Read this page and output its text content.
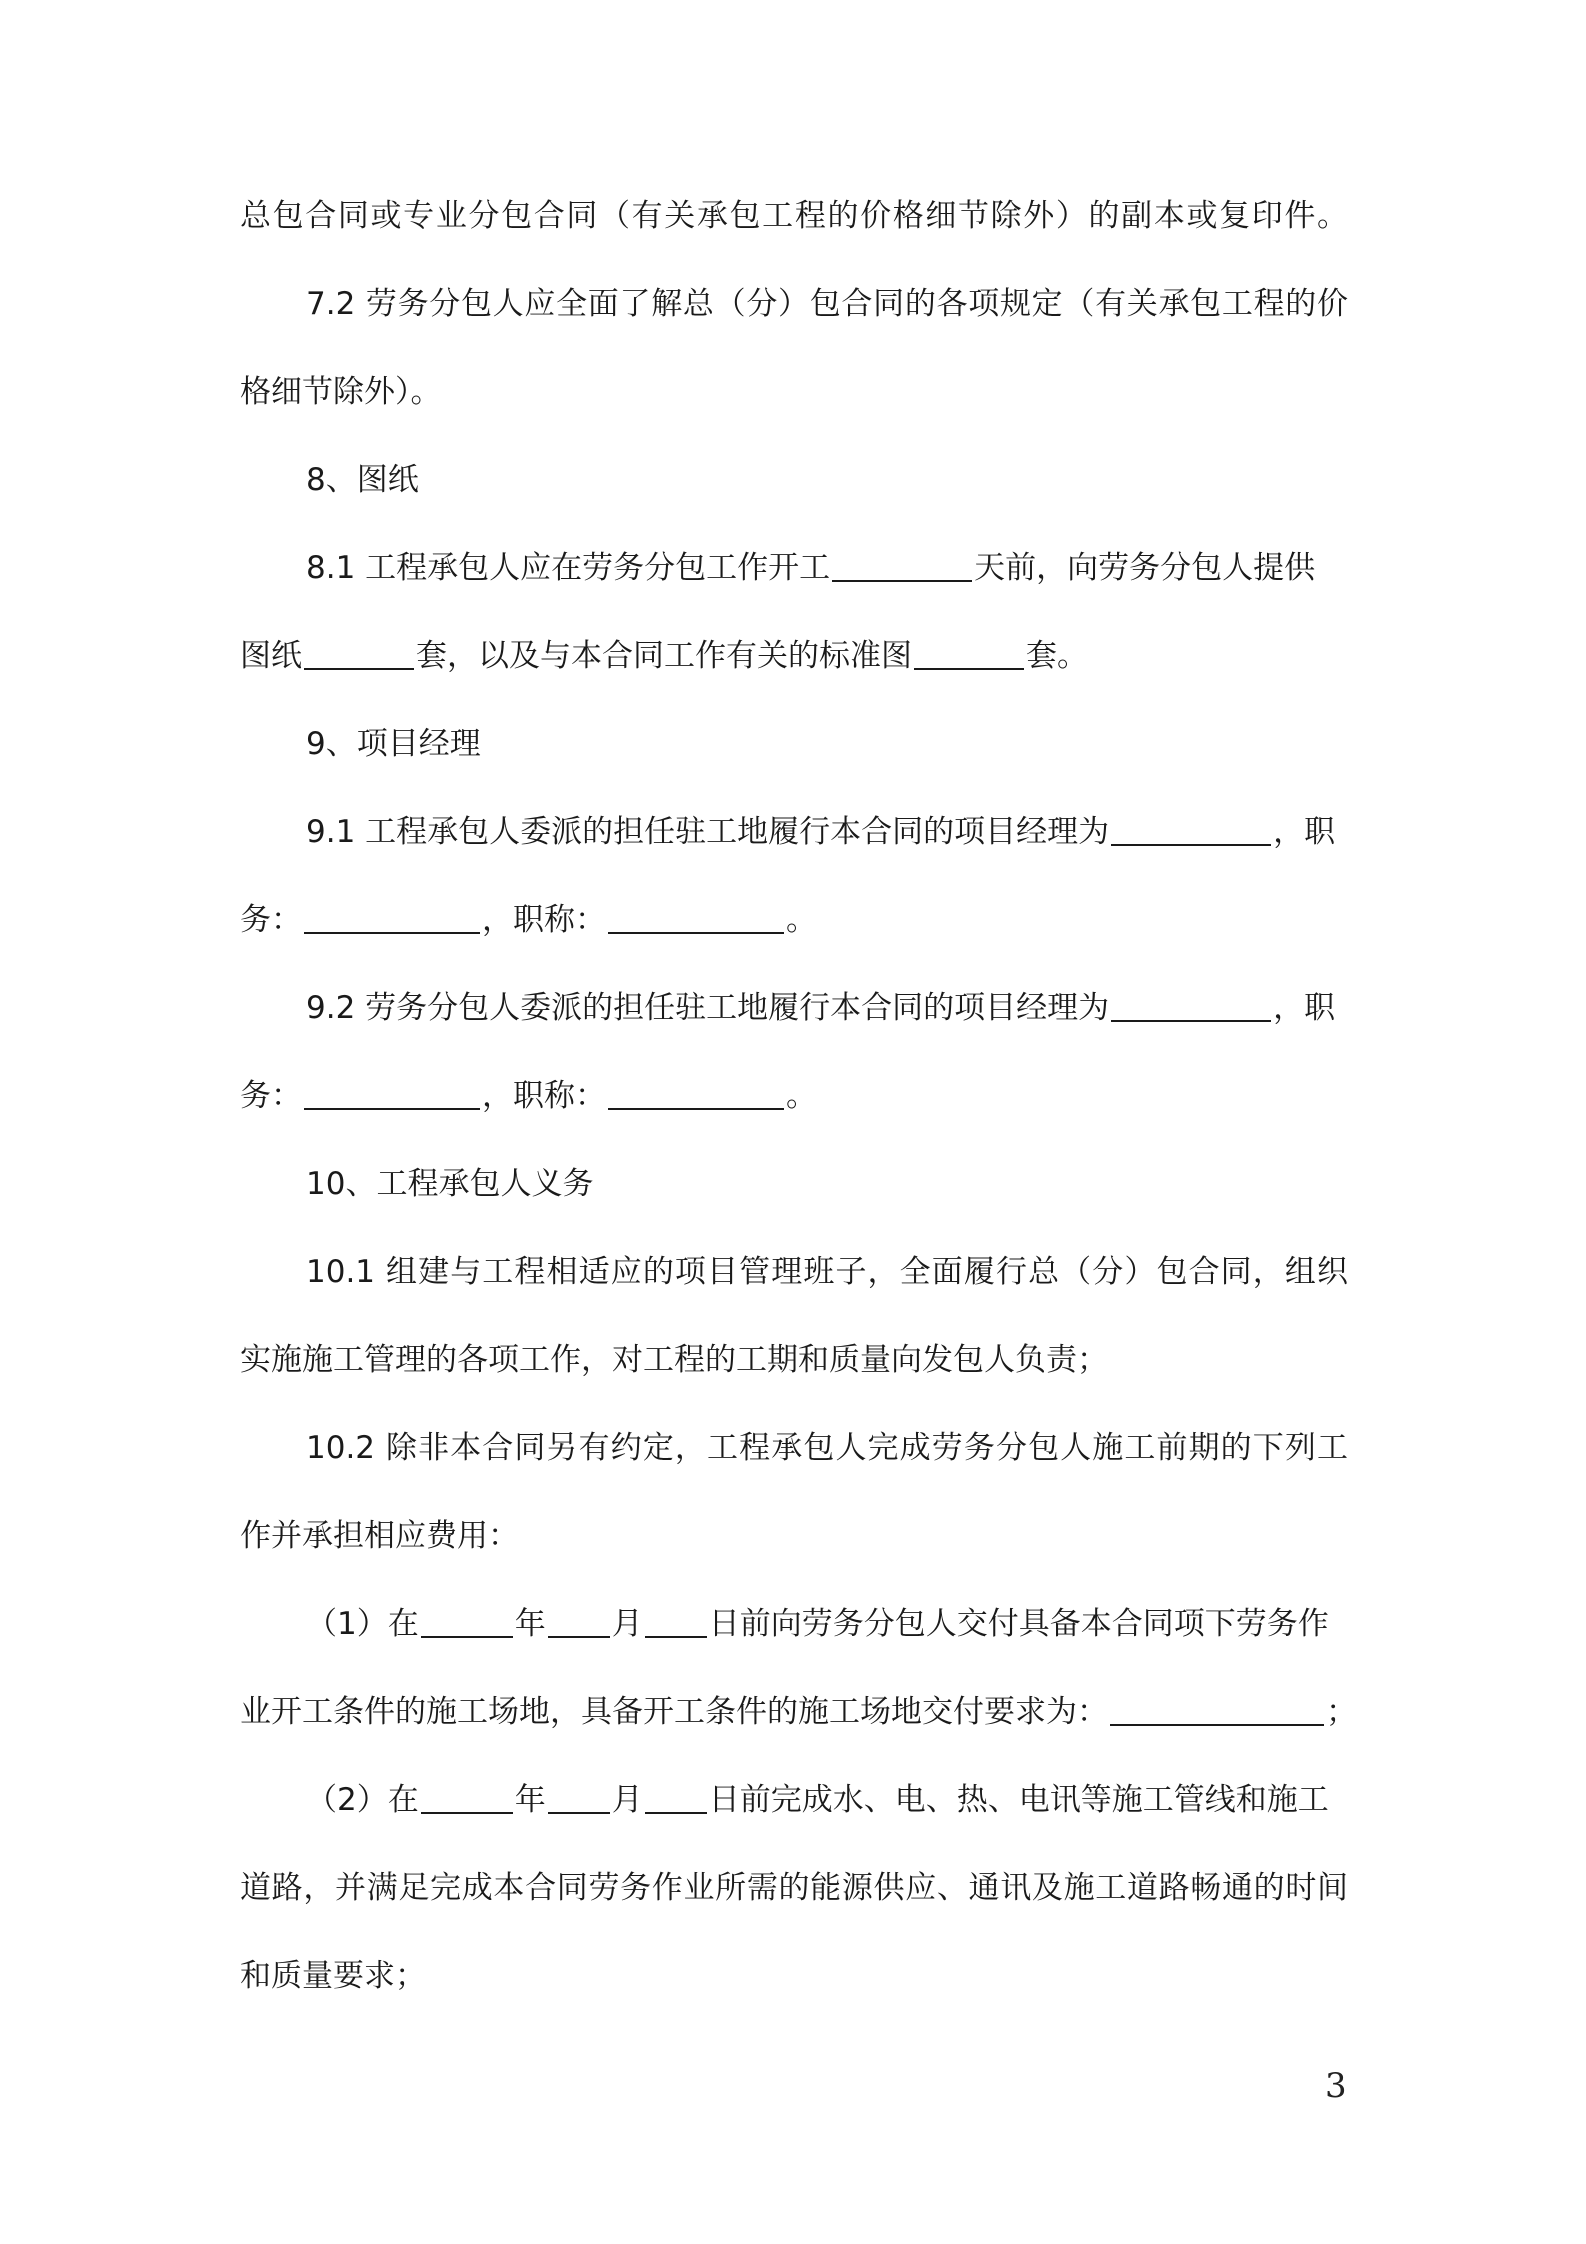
总包合同或专业分包合同（有关承包工程的价格细节除外）的副本或复印件。
7.2 劳务分包人应全面了解总（分）包合同的各项规定（有关承包工程的价
格细节除外）。
8、图纸
8.1 工程承包人应在劳务分包工作开工	天前，向劳务分包人提供
图纸	套，以及与本合同工作有关的标准图	套。
9、项目经理
9.1 工程承包人委派的担任驻工地履行本合同的项目经理为	，职
务：	，职称：	。
9.2 劳务分包人委派的担任驻工地履行本合同的项目经理为	，职
务：	，职称：	。
10、工程承包人义务
10.1 组建与工程相适应的项目管理班子，全面履行总（分）包合同，组织
实施施工管理的各项工作，对工程的工期和质量向发包人负责；
10.2 除非本合同另有约定，工程承包人完成劳务分包人施工前期的下列工
作并承担相应费用：
（1）在	年 月 日前向劳务分包人交付具备本合同项下劳务作
业开工条件的施工场地，具备开工条件的施工场地交付要求为：	；
（2）在	年 月 日前完成水、电、热、电讯等施工管线和施工
道路，并满足完成本合同劳务作业所需的能源供应、通讯及施工道路畅通的时间
和质量要求；
3
